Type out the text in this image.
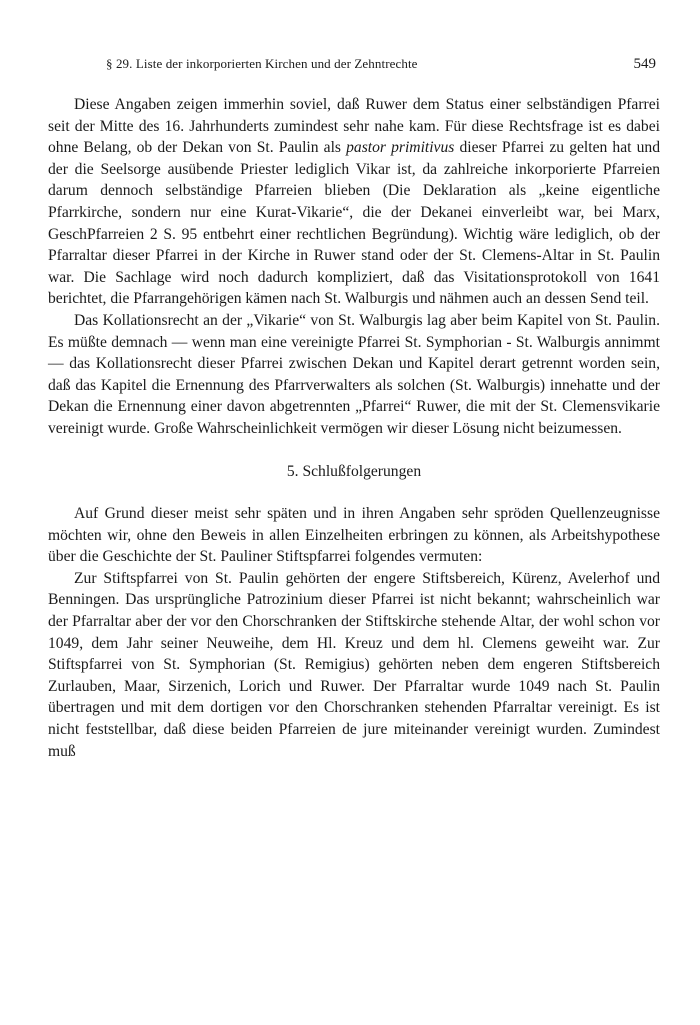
§ 29. Liste der inkorporierten Kirchen und der Zehntrechte	549

Diese Angaben zeigen immerhin soviel, daß Ruwer dem Status einer selbständigen Pfarrei seit der Mitte des 16. Jahrhunderts zumindest sehr nahe kam. Für diese Rechtsfrage ist es dabei ohne Belang, ob der Dekan von St. Paulin als pastor primitivus dieser Pfarrei zu gelten hat und der die Seelsorge ausübende Priester lediglich Vikar ist, da zahlreiche inkorporierte Pfarreien darum dennoch selbständige Pfarreien blieben (Die Deklaration als „keine eigentliche Pfarrkirche, sondern nur eine Kurat-Vikarie“, die der Dekanei einverleibt war, bei Marx, GeschPfarreien 2 S. 95 entbehrt einer rechtlichen Begründung). Wichtig wäre lediglich, ob der Pfarraltar dieser Pfarrei in der Kirche in Ruwer stand oder der St. Clemens-Altar in St. Paulin war. Die Sachlage wird noch dadurch kompliziert, daß das Visitationsprotokoll von 1641 berichtet, die Pfarrangehörigen kämen nach St. Walburgis und nähmen auch an dessen Send teil.

Das Kollationsrecht an der „Vikarie“ von St. Walburgis lag aber beim Kapitel von St. Paulin. Es müßte demnach — wenn man eine vereinigte Pfarrei St. Symphorian - St. Walburgis annimmt — das Kollationsrecht dieser Pfarrei zwischen Dekan und Kapitel derart getrennt worden sein, daß das Kapitel die Ernennung des Pfarrverwalters als solchen (St. Walburgis) innehatte und der Dekan die Ernennung einer davon abgetrennten „Pfarrei“ Ruwer, die mit der St. Clemensvikarie vereinigt wurde. Große Wahrscheinlichkeit vermögen wir dieser Lösung nicht beizumessen.

5. Schlußfolgerungen

Auf Grund dieser meist sehr späten und in ihren Angaben sehr spröden Quellenzeugnisse möchten wir, ohne den Beweis in allen Einzelheiten erbringen zu können, als Arbeitshypothese über die Geschichte der St. Pauliner Stiftspfarrei folgendes vermuten:

Zur Stiftspfarrei von St. Paulin gehörten der engere Stiftsbereich, Kürenz, Avelerhof und Benningen. Das ursprüngliche Patrozinium dieser Pfarrei ist nicht bekannt; wahrscheinlich war der Pfarraltar aber der vor den Chorschranken der Stiftskirche stehende Altar, der wohl schon vor 1049, dem Jahr seiner Neuweihe, dem Hl. Kreuz und dem hl. Clemens geweiht war. Zur Stiftspfarrei von St. Symphorian (St. Remigius) gehörten neben dem engeren Stiftsbereich Zurlauben, Maar, Sirzenich, Lorich und Ruwer. Der Pfarraltar wurde 1049 nach St. Paulin übertragen und mit dem dortigen vor den Chorschranken stehenden Pfarraltar vereinigt. Es ist nicht feststellbar, daß diese beiden Pfarreien de jure miteinander vereinigt wurden. Zumindest muß
